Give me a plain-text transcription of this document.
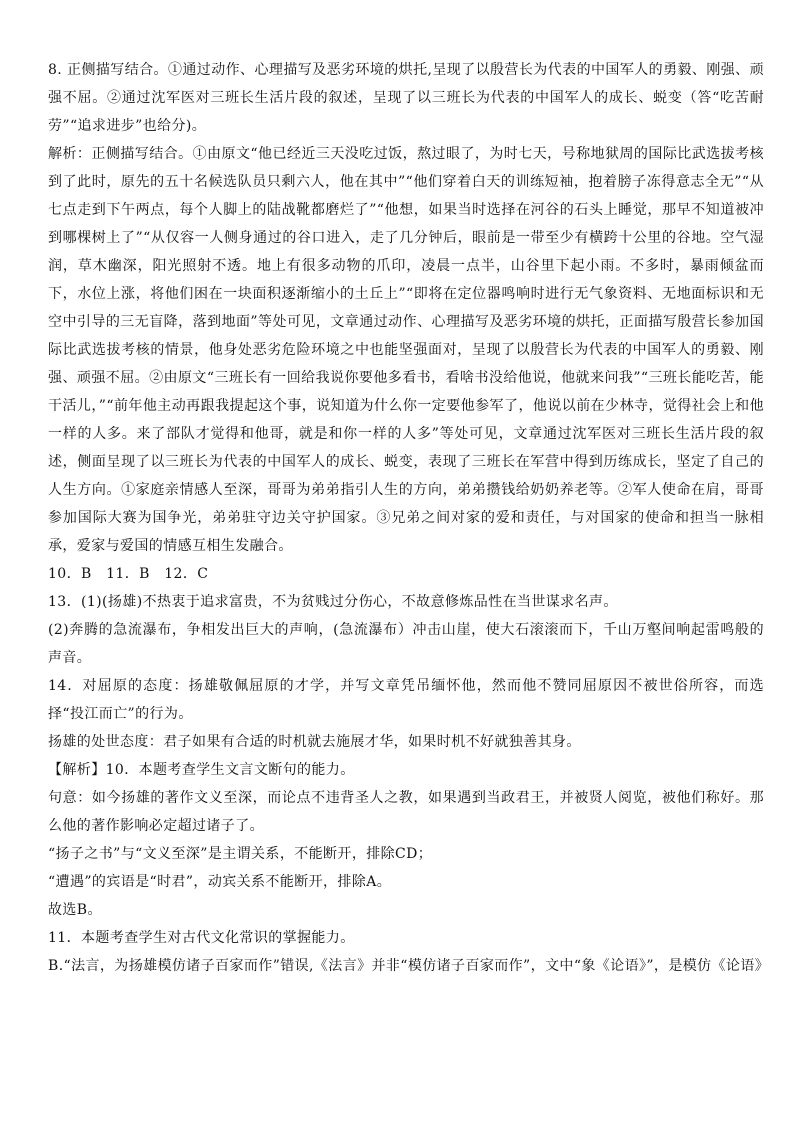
8. 正侧描写结合。①通过动作、心理描写及恶劣环境的烘托,呈现了以殷营长为代表的中国军人的勇毅、刚强、顽强不屈。②通过沈军医对三班长生活片段的叙述，呈现了以三班长为代表的中国军人的成长、蜕变（答“吃苦耐劳”“追求进步”也给分)。

解析：正侧描写结合。①由原文“他已经近三天没吃过饭，熬过眼了，为时七天，号称地狱周的国际比武选拔考核到了此时，原先的五十名候选队员只剩六人，他在其中”“他们穿着白天的训练短袖，抱着膀子冻得意志全无”“从七点走到下午两点，每个人脚上的陆战靴都磨烂了”“他想，如果当时选择在河谷的石头上睡觉，那早不知道被冲到哪棵树上了”“从仅容一人侧身通过的谷口进入，走了几分钟后，眼前是一带至少有横跨十公里的谷地。空气湿润，草木幽深，阳光照射不透。地上有很多动物的爪印，凌晨一点半，山谷里下起小雨。不多时，暴雨倾盆而下，水位上涨，将他们困在一块面积逐渐缩小的土丘上”“即将在定位器鸣响时进行无气象资料、无地面标识和无空中引导的三无盲降，落到地面”等处可见，文章通过动作、心理描写及恶劣环境的烘托，正面描写殷营长参加国际比武选拔考核的情景，他身处恶劣危险环境之中也能坚强面对，呈现了以殷营长为代表的中国军人的勇毅、刚强、顽强不屈。②由原文“三班长有一回给我说你要他多看书，看啥书没给他说，他就来问我”“三班长能吃苦，能干活儿，”“前年他主动再跟我提起这个事，说知道为什么你一定要他参军了，他说以前在少林寺，觉得社会上和他一样的人多。来了部队才觉得和他哥，就是和你一样的人多”等处可见，文章通过沈军医对三班长生活片段的叙述，侧面呈现了以三班长为代表的中国军人的成长、蜕变，表现了三班长在军营中得到历练成长，坚定了自己的人生方向。①家庭亲情感人至深，哥哥为弟弟指引人生的方向，弟弟攒钱给奶奶养老等。②军人使命在肩，哥哥参加国际大赛为国争光，弟弟驻守边关守护国家。③兄弟之间对家的爱和责任，与对国家的使命和担当一脉相承，爱家与爱国的情感互相生发融合。

10．B　11．B　12．C

13．(1)(扬雄)不热衷于追求富贵，不为贫贱过分伤心，不故意修炼品性在当世谋求名声。

(2)奔腾的急流瀑布，争相发出巨大的声响，(急流瀑布）冲击山崖，使大石滚滚而下，千山万壑间响起雷鸣般的声音。

14．对屈原的态度：扬雄敬佩屈原的才学，并写文章凭吊缅怀他，然而他不赞同屈原因不被世俗所容，而选择“投江而亡”的行为。

扬雄的处世态度：君子如果有合适的时机就去施展才华，如果时机不好就独善其身。

【解析】10．本题考查学生文言文断句的能力。

句意：如今扬雄的著作文义至深，而论点不违背圣人之教，如果遇到当政君王，并被贤人阅览，被他们称好。那么他的著作影响必定超过诸子了。

“扬子之书”与“文义至深”是主谓关系，不能断开，排除CD；

“遭遇”的宾语是“时君”，动宾关系不能断开，排除A。

故选B。

11．本题考查学生对古代文化常识的掌握能力。

B.“法言，为扬雄模仿诸子百家而作”错误,《法言》并非“模仿诸子百家而作”，文中“象《论语》”，是模仿《论语》
